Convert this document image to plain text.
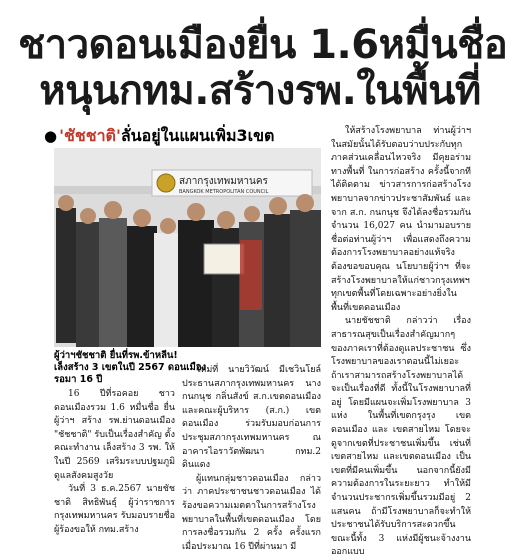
ชาวดอนเมืองยื่น 1.6หมื่นชื่อ
หนุนกทม.สร้างรพ.ในพื้นที่
● 'ชัชชาติ'ลั่นอยู่ในแผนเพิ่ม3เขต
สภากรุงเทพมหานคร
BANGKOK METROPOLITAN COUNCIL
ผู้ว่าฯชัชชาติ ยื่นที่รพ.ข้าหลีน!
เล็งสร้าง 3 เขตในปี 2567 ดอนเมือง
รอมา 16 ปี

16 ปีที่รอคอย ชาวดอนเมืองรวม 1.6 หมื่นชื่อ ยื่นผู้ว่าฯ สร้าง รพ.ย่านดอนเมือง "ชัชชาติ" รับเป็นเรื่องสำคัญ ตั้งคณะทำงาน เล็งสร้าง 3 รพ. ให้ในปี 2569 เสริมระบบปฐมภูมิดูแลสังคมสูงวัย

วันที่ 3 ธ.ค.2567 นายชัชชาติ สิทธิพันธุ์ ผู้ว่าราชการกรุงเทพมหานคร รับมอบรายชื่อผู้ร้องขอให้ กทม.สร้าง

ใหม่ที่ นายวิวัฒน์ มีเชวินโยล์ ประธานสภากรุงเทพมหานคร นางกนกนุช กลิ่นสังข์ ส.ก.เขตดอนเมือง และคณะผู้บริหาร (ส.ก.) เขตดอนเมือง ร่วมรับมอบก่อนการประชุมสภากรุงเทพมหานคร ณ อาคารไอราวัตพัฒนา กทม.2 ดินแดง

ผู้แทนกลุ่มชาวดอนเมือง กล่าวว่า ภาคประชาชนชาวดอนเมือง ได้ร้องขอความเมตตาในการสร้างโรงพยาบาลในพื้นที่เขตดอนเมือง โดยการลงชื่อรวมกัน 2 ครั้ง ครั้งแรกเมื่อประมาณ 16 ปีที่ผ่านมา มี

ให้สร้างโรงพยาบาล ท่านผู้ว่าฯ ในสมัยนั้นได้รับตอบว่าบประกับทุกภาคส่วนเคลื่อนไหวจริง มีคุยอร่ามทางพื้นที่ ในการก่อสร้าง ครั้งนี้จากทีได้ติดตาม ข่าวสารการก่อสร้างโรงพยาบาลจากข่าวประชาสัมพันธ์ และจาก ส.ก. กนกนุช จึงได้ลงชื่อรวมกัน จำนวน 16,027 คน นำมามอบรายชื่อต่อท่านผู้ว่าฯ เพื่อแสดงถึงความต้องการโรงพยาบาลอย่างแท้จริง ต้องขอขอบคุณ นโยบายผู้ว่าฯ ที่จะสร้างโรงพยาบาลให้แก่ชาวกรุงเทพฯ ทุกเขตพื้นที่โดยเฉพาะอย่างยิ่งในพื้นที่เขตดอนเมือง

นายชัชชาติ กล่าวว่า เรื่องสาธารณสุขเป็นเรื่องสำคัญมากๆ ของภาคเราที่ต้องดูแลประชาชน ซึ่งโรงพยาบาลของเราตอนนี้ไม่เยอะ ถ้าเราสามารถสร้างโรงพยาบาลได้จะเป็นเรื่องที่ดี ทั้งนี้ในโรงพยาบาลที่อยู่ โดยมีแผนจะเพิ่มโรงพยาบาล 3 แห่ง ในพื้นที่เขตกรุงรุง เขตดอนเมือง และ เขตสายไหม โดยจะดูจากเขตที่ประชาชนเพิ่มขึ้น เช่นที่เขตสายไหม และเขตดอนเมือง เป็นเขตที่มีคนเพิ่มขึ้น นอกจากนี้ยังมีความต้องการในระยะยาว ทำให้มีจำนวนประชากรเพิ่มขึ้นรวมมีอยู่ 2 แสนคน ถ้ามีโรงพยาบาลก็จะทำให้ประชาชนได้รับบริการสะดวกขึ้น ขณะนี้ทั้ง 3 แห่งมีผู้ชนะจ้างงานออกแบบ
